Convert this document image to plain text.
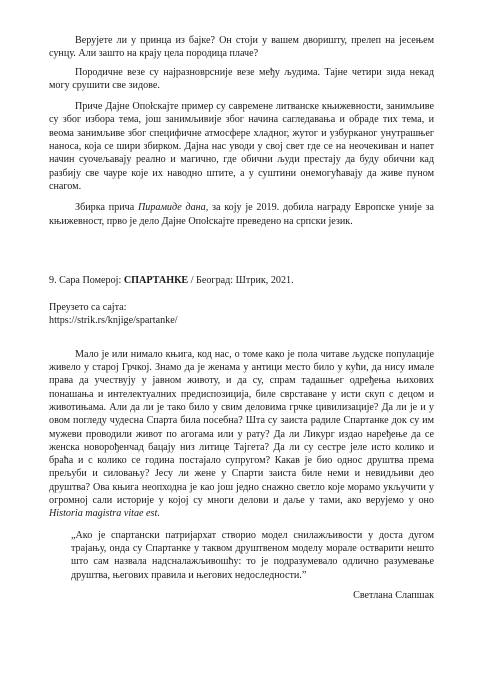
Верујете ли у принца из бајке? Он стоји у вашем дворишту, прелеп на јесењем сунцу. Али зашто на крају цела породица плаче?

Породичне везе су најразноврсније везе међу људима. Тајне четири зида некад могу срушити све зидове.

Приче Дајне Опołскајте пример су савремене литванске књижевности, занимљиве су због избора тема, још занимљивије због начина сагледавања и обраде тих тема, и веома занимљиве због специфичне атмосфере хладног, жутог и узбурканог унутрашњег наноса, која се шири збирком. Дајна нас уводи у свој свет где се на неочекиван и напет начин суочељавају реално и магично, где обични људи престају да буду обични кад разбију све чауре које их наводно штите, а у суштини онемогућавају да живе пуном снагом.

Збирка прича Пирамиде дана, за коју је 2019. добила награду Европске уније за књижевност, прво је дело Дајне Опołскајте преведено на српски језик.

9. Сара Померој: СПАРТАНКЕ / Београд: Штрик, 2021.

Преузето са сајта:

https://strik.rs/knjige/spartanke/

Мало је или нимало књига, код нас, о томе како је пола читаве људске популације живело у старој Грчкој. Знамо да је женама у антици место било у кући, да нису имале права да учествују у јавном животу, и да су, спрам тадашњег одређења њихових понашања и интелектуалних предиспозиција, биле сврставане у исти скуп с децом и животињама. Али да ли је тако било у свим деловима грчке цивилизације? Да ли је и у овом погледу чудесна Спарта била посебна? Шта су заиста радиле Спартанке док су им мужеви проводили живот по агогама или у рату? Да ли Ликург издао наређење да се женска новорођенчад бацају низ литице Тајгета? Да ли су сестре јеле исто колико и браћа и с колико се година постајало супругом? Какав је био однос друштва према прељуби и силовању? Јесу ли жене у Спарти заиста биле неми и невидљиви део друштва? Ова књига неопходна је као још једно снажно светло које морамо укључити у огромној сали историје у којој су многи делови и даље у тами, ако верујемо у оно Historia magistra vitae est.

„Ако је спартански патријархат створио модел снилажљивости у доста дугом трајању, онда су Спартанке у таквом друштвеном моделу морале остварити нешто што сам назвала надсналажљивошћу: то је подразумевало одлично разумевање друштва, његових правила и његових недоследности.”

Светлана Слапшак
